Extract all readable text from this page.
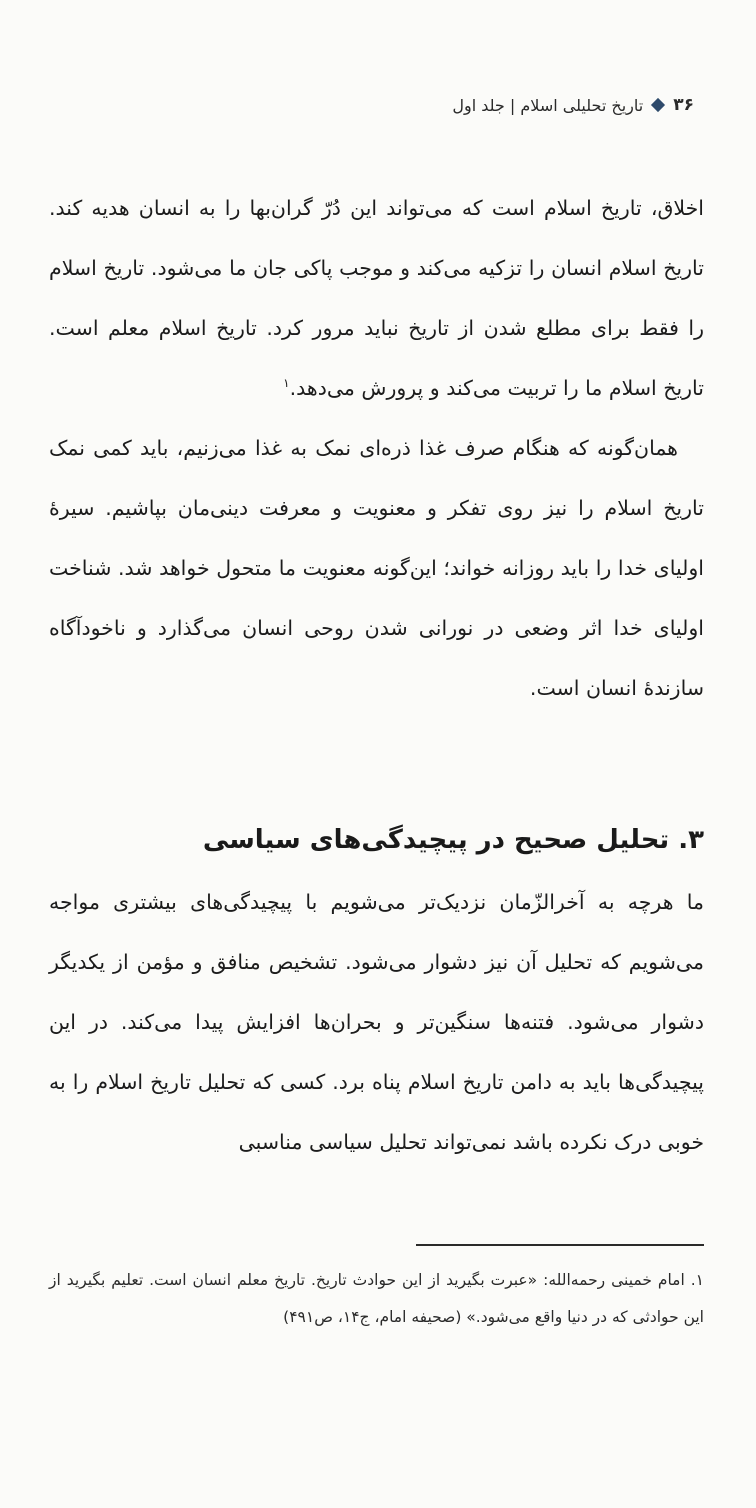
۳۶
تاریخ تحلیلی اسلام | جلد اول

اخلاق، تاریخ اسلام است که می‌تواند این دُرّ گران‌بها را به انسان هدیه کند. تاریخ اسلام انسان را تزکیه می‌کند و موجب پاکی جان ما می‌شود. تاریخ اسلام را فقط برای مطلع شدن از تاریخ نباید مرور کرد. تاریخ اسلام معلم است. تاریخ اسلام ما را تربیت می‌کند و پرورش می‌دهد.$^۱$

همان‌گونه که هنگام صرف غذا ذره‌ای نمک به غذا می‌زنیم، باید کمی نمک تاریخ اسلام را نیز روی تفکر و معنویت و معرفت دینی‌مان بپاشیم. سیرهٔ اولیای خدا را باید روزانه خواند؛ این‌گونه معنویت ما متحول خواهد شد. شناخت اولیای خدا اثر وضعی در نورانی شدن روحی انسان می‌گذارد و ناخودآگاه سازندهٔ انسان است.

۳. تحلیل صحیح در پیچیدگی‌های سیاسی

ما هرچه به آخرالزّمان نزدیک‌تر می‌شویم با پیچیدگی‌های بیشتری مواجه می‌شویم که تحلیل آن نیز دشوار می‌شود. تشخیص منافق و مؤمن از یکدیگر دشوار می‌شود. فتنه‌ها سنگین‌تر و بحران‌ها افزایش پیدا می‌کند. در این پیچیدگی‌ها باید به دامن تاریخ اسلام پناه برد. کسی که تحلیل تاریخ اسلام را به خوبی درک نکرده باشد نمی‌تواند تحلیل سیاسی مناسبی

۱. امام خمینی رحمه‌الله: «عبرت بگیرید از این حوادث تاریخ. تاریخ معلم انسان است. تعلیم بگیرید از این حوادثی که در دنیا واقع می‌شود.» (صحیفه امام، ج۱۴، ص۴۹۱)
